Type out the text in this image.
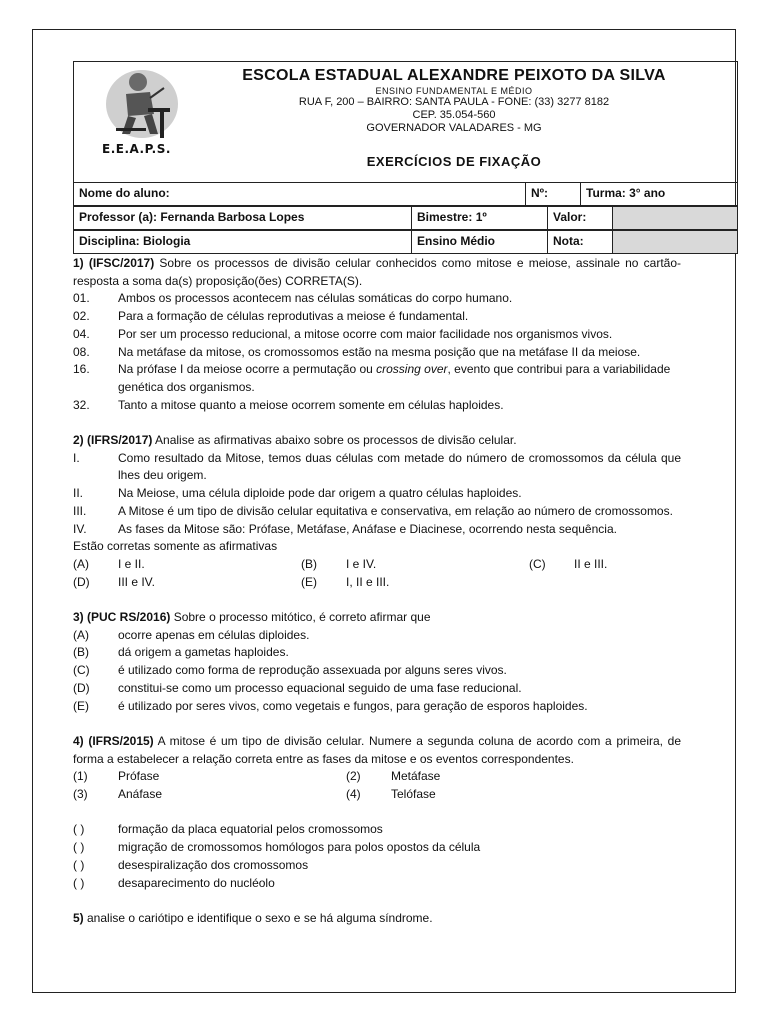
E.E.A.P.S.
ESCOLA ESTADUAL ALEXANDRE PEIXOTO DA SILVA
ENSINO FUNDAMENTAL E MÉDIO
RUA F, 200 – BAIRRO: SANTA PAULA - FONE: (33) 3277 8182
CEP. 35.054-560
GOVERNADOR VALADARES - MG
EXERCÍCIOS DE FIXAÇÃO
Nome do aluno:	Nº:	Turma: 3° ano
Professor (a): Fernanda Barbosa Lopes	Bimestre: 1º	Valor:
Disciplina: Biologia	Ensino Médio	Nota:

1) (IFSC/2017) Sobre os processos de divisão celular conhecidos como mitose e meiose, assinale no cartão-resposta a soma da(s) proposição(ões) CORRETA(S).

01.	Ambos os processos acontecem nas células somáticas do corpo humano.
02.	Para a formação de células reprodutivas a meiose é fundamental.
04.	Por ser um processo reducional, a mitose ocorre com maior facilidade nos organismos vivos.
08.	Na metáfase da mitose, os cromossomos estão na mesma posição que na metáfase II da meiose.
16.	Na prófase I da meiose ocorre a permutação ou crossing over, evento que contribui para a variabilidade genética dos organismos.
32.	Tanto a mitose quanto a meiose ocorrem somente em células haploides.

2) (IFRS/2017) Analise as afirmativas abaixo sobre os processos de divisão celular.

I.	Como resultado da Mitose, temos duas células com metade do número de cromossomos da célula que lhes deu origem.
II.	Na Meiose, uma célula diploide pode dar origem a quatro células haploides.
III.	A Mitose é um tipo de divisão celular equitativa e conservativa, em relação ao número de cromossomos.
IV.	As fases da Mitose são: Prófase, Metáfase, Anáfase e Diacinese, ocorrendo nesta sequência.

Estão corretas somente as afirmativas

(A)	I e II.	(B)	I e IV.	(C)	II e III.
(D)	III e IV.	(E)	I, II e III.

3) (PUC RS/2016) Sobre o processo mitótico, é correto afirmar que

(A)	ocorre apenas em células diploides.
(B)	dá origem a gametas haploides.
(C)	é utilizado como forma de reprodução assexuada por alguns seres vivos.
(D)	constitui-se como um processo equacional seguido de uma fase reducional.
(E)	é utilizado por seres vivos, como vegetais e fungos, para geração de esporos haploides.

4) (IFRS/2015) A mitose é um tipo de divisão celular. Numere a segunda coluna de acordo com a primeira, de forma a estabelecer a relação correta entre as fases da mitose e os eventos correspondentes.

(1)	Prófase	(2)	Metáfase
(3)	Anáfase	(4)	Telófase
( )	formação da placa equatorial pelos cromossomos
( )	migração de cromossomos homólogos para polos opostos da célula
( )	desespiralização dos cromossomos
( )	desaparecimento do nucléolo

5) analise o cariótipo e identifique o sexo e se há alguma síndrome.
